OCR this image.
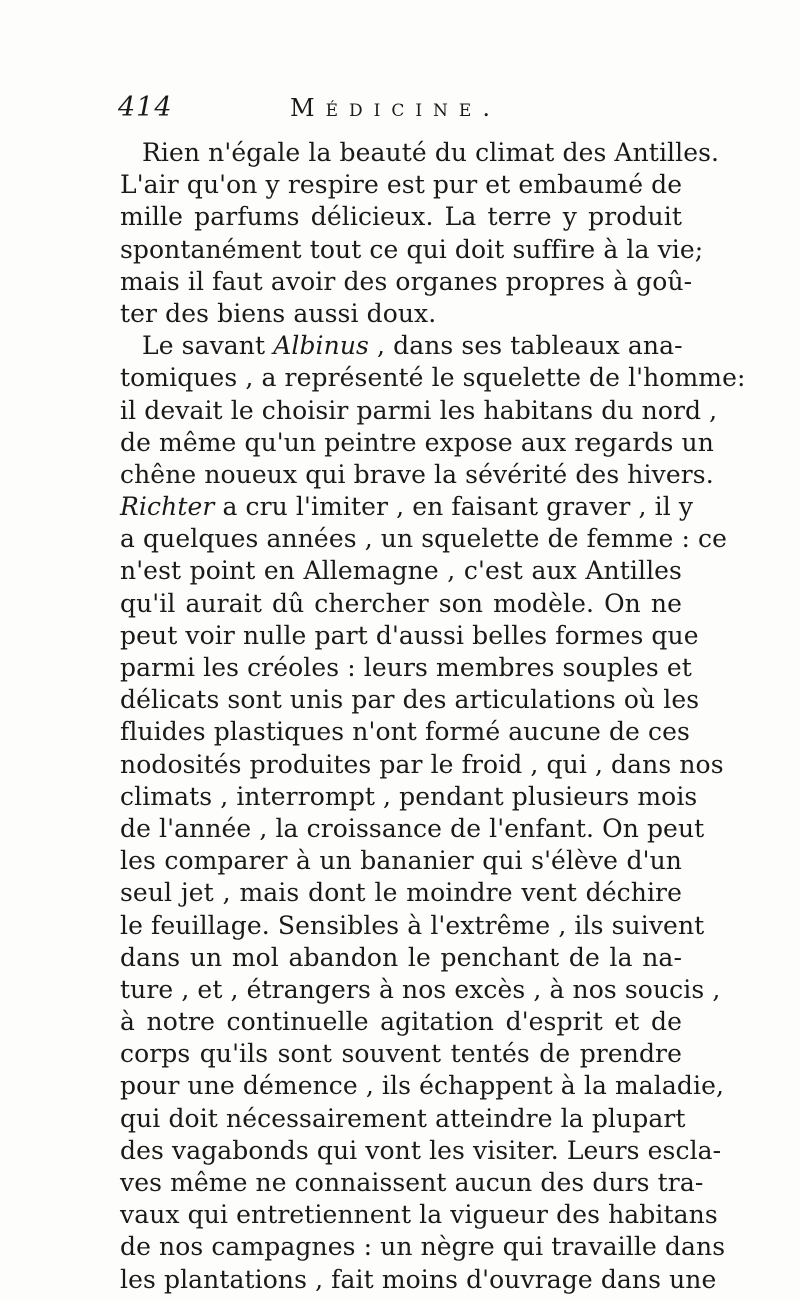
414	Médicine.
Rien n'égale la beauté du climat des Antilles.
L'air qu'on y respire est pur et embaumé de
mille parfums délicieux. La terre y produit
spontanément tout ce qui doit suffire à la vie;
mais il faut avoir des organes propres à goû-
ter des biens aussi doux.
Le savant Albinus , dans ses tableaux ana-
tomiques , a représenté le squelette de l'homme:
il devait le choisir parmi les habitans du nord ,
de même qu'un peintre expose aux regards un
chêne noueux qui brave la sévérité des hivers.
Richter a cru l'imiter , en faisant graver , il y
a quelques années , un squelette de femme : ce
n'est point en Allemagne , c'est aux Antilles
qu'il aurait dû chercher son modèle. On ne
peut voir nulle part d'aussi belles formes que
parmi les créoles : leurs membres souples et
délicats sont unis par des articulations où les
fluides plastiques n'ont formé aucune de ces
nodosités produites par le froid , qui , dans nos
climats , interrompt , pendant plusieurs mois
de l'année , la croissance de l'enfant. On peut
les comparer à un bananier qui s'élève d'un
seul jet , mais dont le moindre vent déchire
le feuillage. Sensibles à l'extrême , ils suivent
dans un mol abandon le penchant de la na-
ture , et , étrangers à nos excès , à nos soucis ,
à notre continuelle agitation d'esprit et de
corps qu'ils sont souvent tentés de prendre
pour une démence , ils échappent à la maladie,
qui doit nécessairement atteindre la plupart
des vagabonds qui vont les visiter. Leurs escla-
ves même ne connaissent aucun des durs tra-
vaux qui entretiennent la vigueur des habitans
de nos campagnes : un nègre qui travaille dans
les plantations , fait moins d'ouvrage dans une
